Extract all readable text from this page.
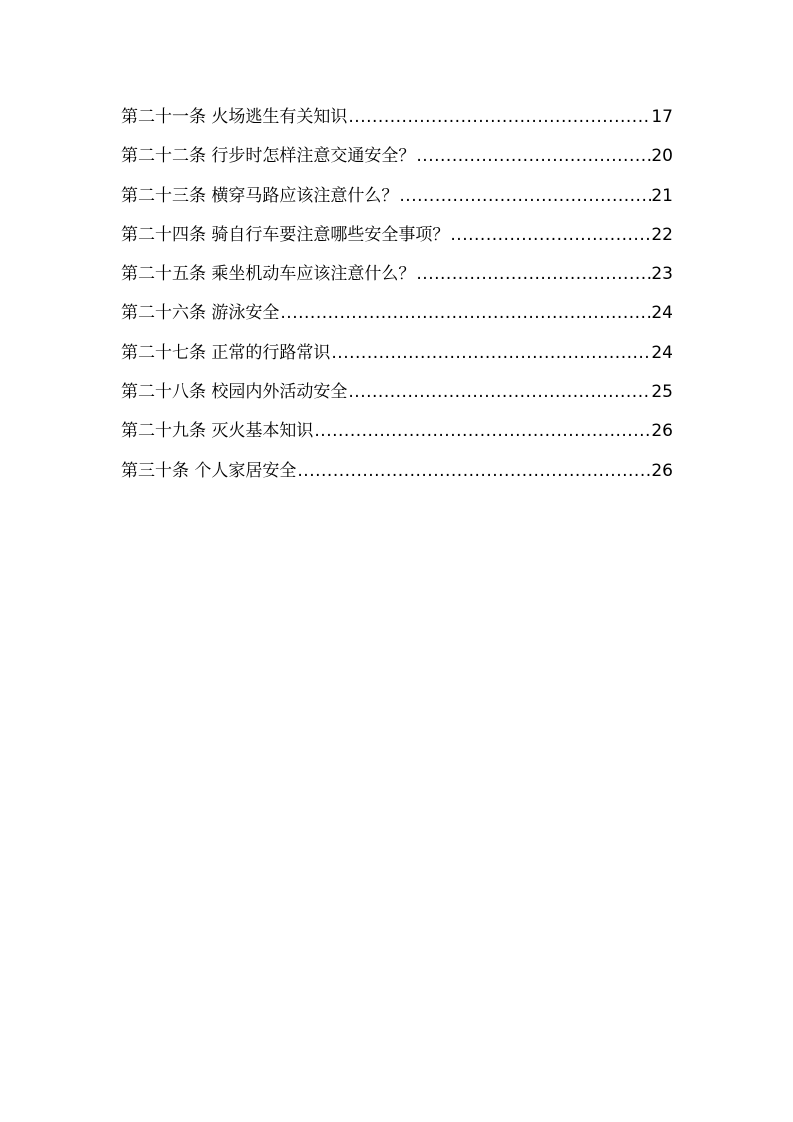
第二十一条 火场逃生有关知识 .....	17
第二十二条 行步时怎样注意交通安全？ .....	20
第二十三条 横穿马路应该注意什么？ .....	21
第二十四条 骑自行车要注意哪些安全事项？ .....	22
第二十五条 乘坐机动车应该注意什么？ .....	23
第二十六条 游泳安全 .....	24
第二十七条 正常的行路常识 .....	24
第二十八条 校园内外活动安全 .....	25
第二十九条 灭火基本知识 .....	26
第三十条 个人家居安全 .....	26
